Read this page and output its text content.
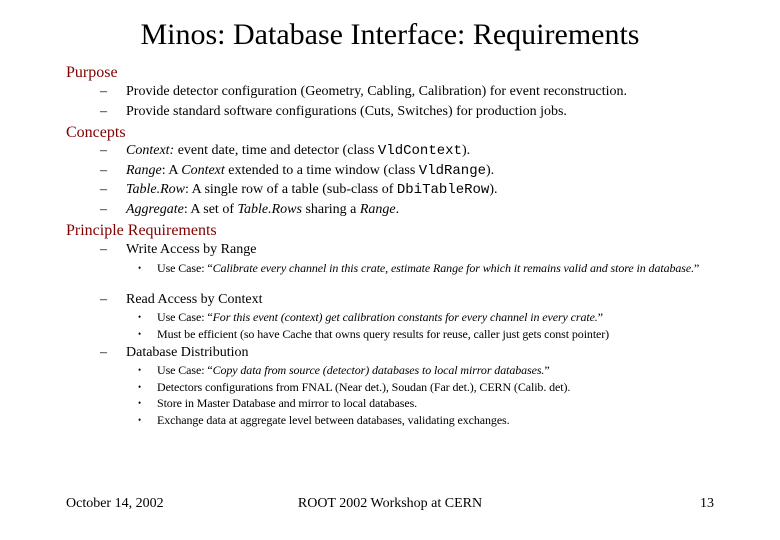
Minos: Database Interface: Requirements
Purpose
– Provide detector configuration (Geometry, Cabling, Calibration) for event reconstruction.
– Provide standard software configurations (Cuts, Switches) for production jobs.
Concepts
– Context: event date, time and detector (class VldContext).
– Range: A Context extended to a time window (class VldRange).
– Table.Row: A single row of a table (sub-class of DbiTableRow).
– Aggregate: A set of Table.Rows sharing a Range.
Principle Requirements
– Write Access by Range
• Use Case: “Calibrate every channel in this crate, estimate Range for which it remains valid and store in database.”
– Read Access by Context
• Use Case: “For this event (context) get calibration constants for every channel in every crate.”
• Must be efficient (so have Cache that owns query results for reuse, caller just gets const pointer)
– Database Distribution
• Use Case: “Copy data from source (detector) databases to local mirror databases.”
• Detectors configurations from FNAL (Near det.), Soudan (Far det.), CERN (Calib. det).
• Store in Master Database and mirror to local databases.
• Exchange data at aggregate level between databases, validating exchanges.
October 14, 2002	ROOT 2002 Workshop at CERN	13
